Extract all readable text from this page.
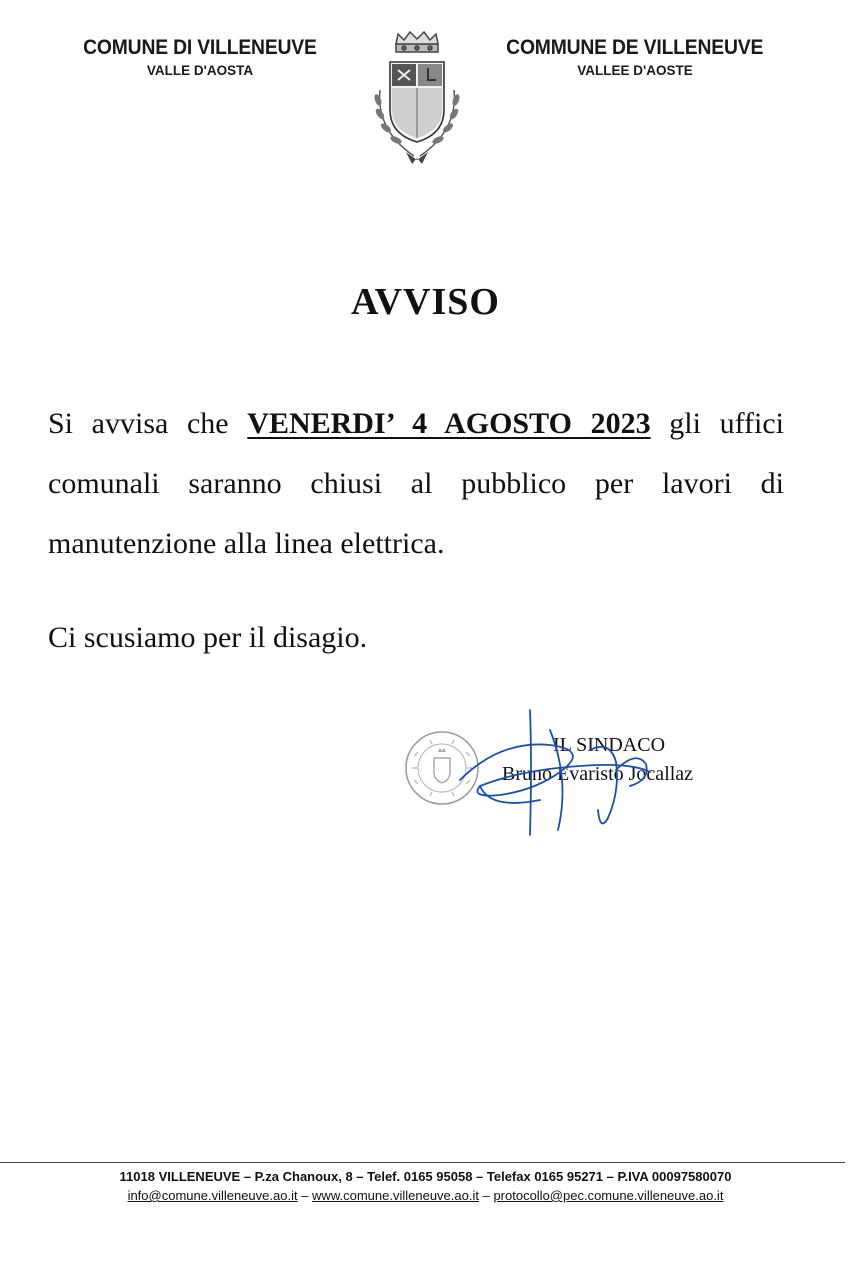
COMUNE DI VILLENEUVE
VALLE D'AOSTA
COMMUNE DE VILLENEUVE
VALLEE D'AOSTE
AVVISO
Si avvisa che VENERDI’ 4 AGOSTO 2023 gli uffici comunali saranno chiusi al pubblico per lavori di manutenzione alla linea elettrica.
Ci scusiamo per il disagio.
IL SINDACO
Bruno Evaristo Jocallaz
11018 VILLENEUVE – P.za Chanoux, 8 – Telef. 0165 95058 – Telefax 0165 95271 – P.IVA 00097580070
info@comune.villeneuve.ao.it – www.comune.villeneuve.ao.it – protocollo@pec.comune.villeneuve.ao.it
